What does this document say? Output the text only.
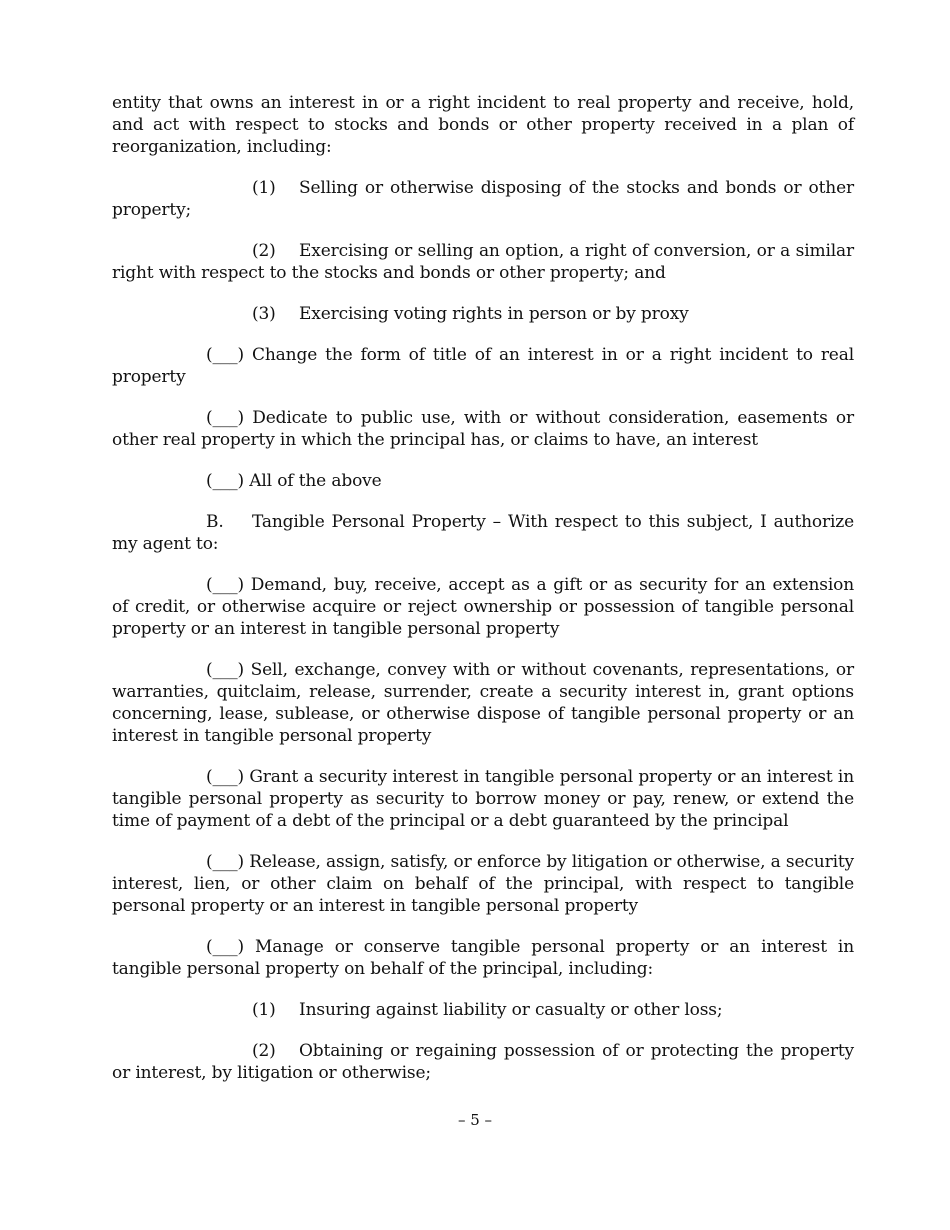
entity that owns an interest in or a right incident to real property and receive, hold, and act with respect to stocks and bonds or other property received in a plan of reorganization, including:

(1) Selling or otherwise disposing of the stocks and bonds or other property;

(2) Exercising or selling an option, a right of conversion, or a similar right with respect to the stocks and bonds or other property; and

(3) Exercising voting rights in person or by proxy

(___) Change the form of title of an interest in or a right incident to real property

(___) Dedicate to public use, with or without consideration, easements or other real property in which the principal has, or claims to have, an interest

(___) All of the above

B. Tangible Personal Property – With respect to this subject, I authorize my agent to:

(___) Demand, buy, receive, accept as a gift or as security for an extension of credit, or otherwise acquire or reject ownership or possession of tangible personal property or an interest in tangible personal property

(___) Sell, exchange, convey with or without covenants, representations, or warranties, quitclaim, release, surrender, create a security interest in, grant options concerning, lease, sublease, or otherwise dispose of tangible personal property or an interest in tangible personal property

(___) Grant a security interest in tangible personal property or an interest in tangible personal property as security to borrow money or pay, renew, or extend the time of payment of a debt of the principal or a debt guaranteed by the principal

(___) Release, assign, satisfy, or enforce by litigation or otherwise, a security interest, lien, or other claim on behalf of the principal, with respect to tangible personal property or an interest in tangible personal property

(___) Manage or conserve tangible personal property or an interest in tangible personal property on behalf of the principal, including:

(1) Insuring against liability or casualty or other loss;

(2) Obtaining or regaining possession of or protecting the property or interest, by litigation or otherwise;

– 5 –
